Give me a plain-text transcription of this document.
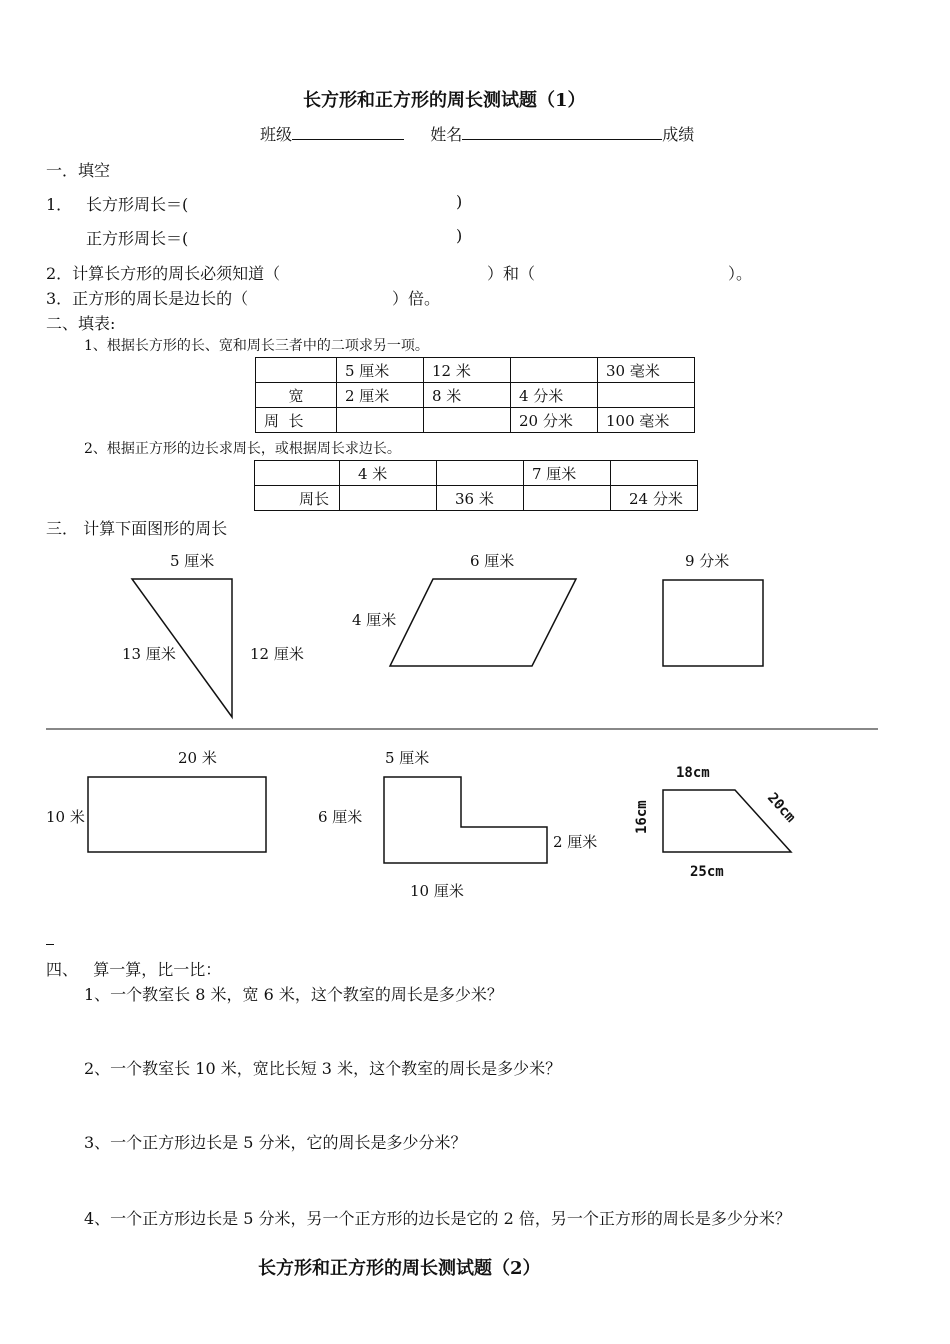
长方形和正方形的周长测试题（1）
班级	姓名	成绩
一．填空
1． 长方形周长＝(	)
正方形周长＝(	)
2．计算长方形的周长必须知道（	）和（	）。
3．正方形的周长是边长的（	）倍。
二、填表:
1、根据长方形的长、宽和周长三者中的二项求另一项。
	5 厘米	12 米		30 毫米
宽	2 厘米	8 米	4 分米	
周  长			20 分米	100 毫米
2、根据正方形的边长求周长，或根据周长求边长。
	4 米		7 厘米	
周长		36 米		24 分米
三． 计算下面图形的周长
5 厘米
13 厘米	12 厘米
6 厘米
4 厘米
9 分米
20 米
10 米
5 厘米
6 厘米
2 厘米
10 厘米
18cm
16cm	20cm
25cm
四、   算一算，比一比：
1、一个教室长 8 米，宽 6 米，这个教室的周长是多少米？
2、一个教室长 10 米，宽比长短 3 米，这个教室的周长是多少米？
3、一个正方形边长是 5 分米，它的周长是多少分米？
4、一个正方形边长是 5 分米，另一个正方形的边长是它的 2 倍，另一个正方形的周长是多少分米？
长方形和正方形的周长测试题（2）
